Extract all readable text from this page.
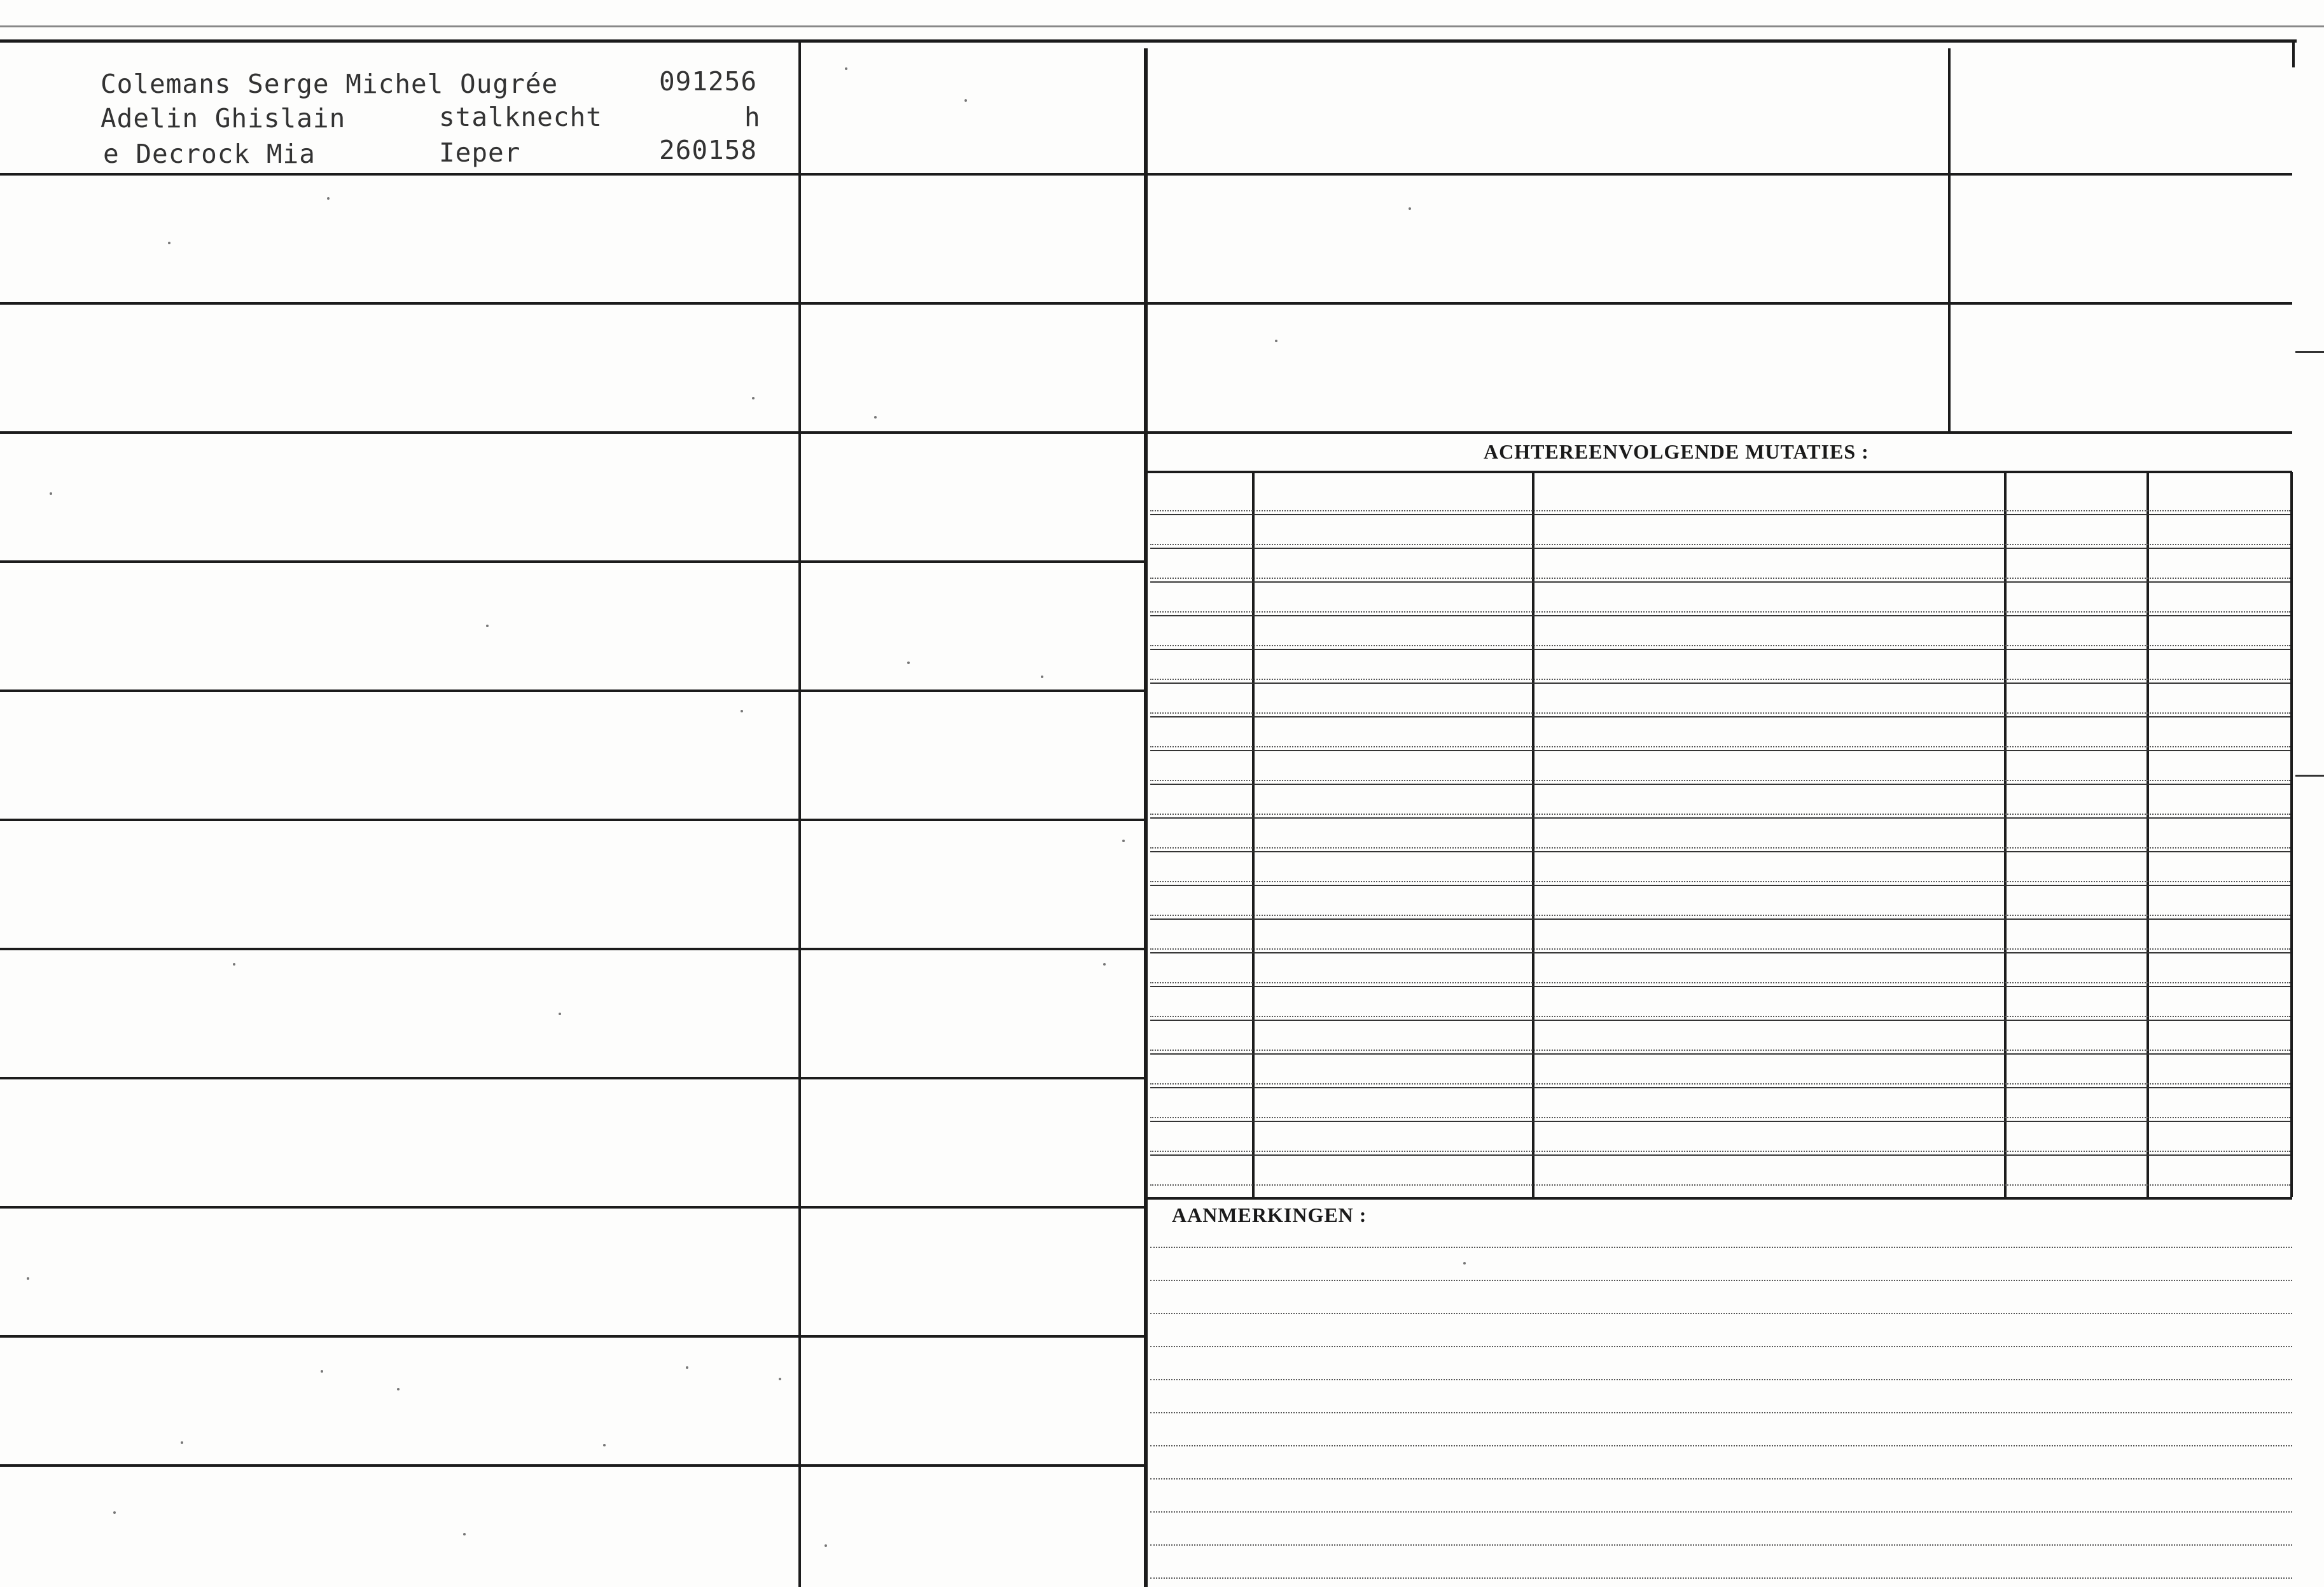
Colemans Serge Michel Ougrée	091256
Adelin Ghislain	stalknecht	h
e Decrock Mia	Ieper	260158
ACHTEREENVOLGENDE MUTATIES :
AANMERKINGEN :
